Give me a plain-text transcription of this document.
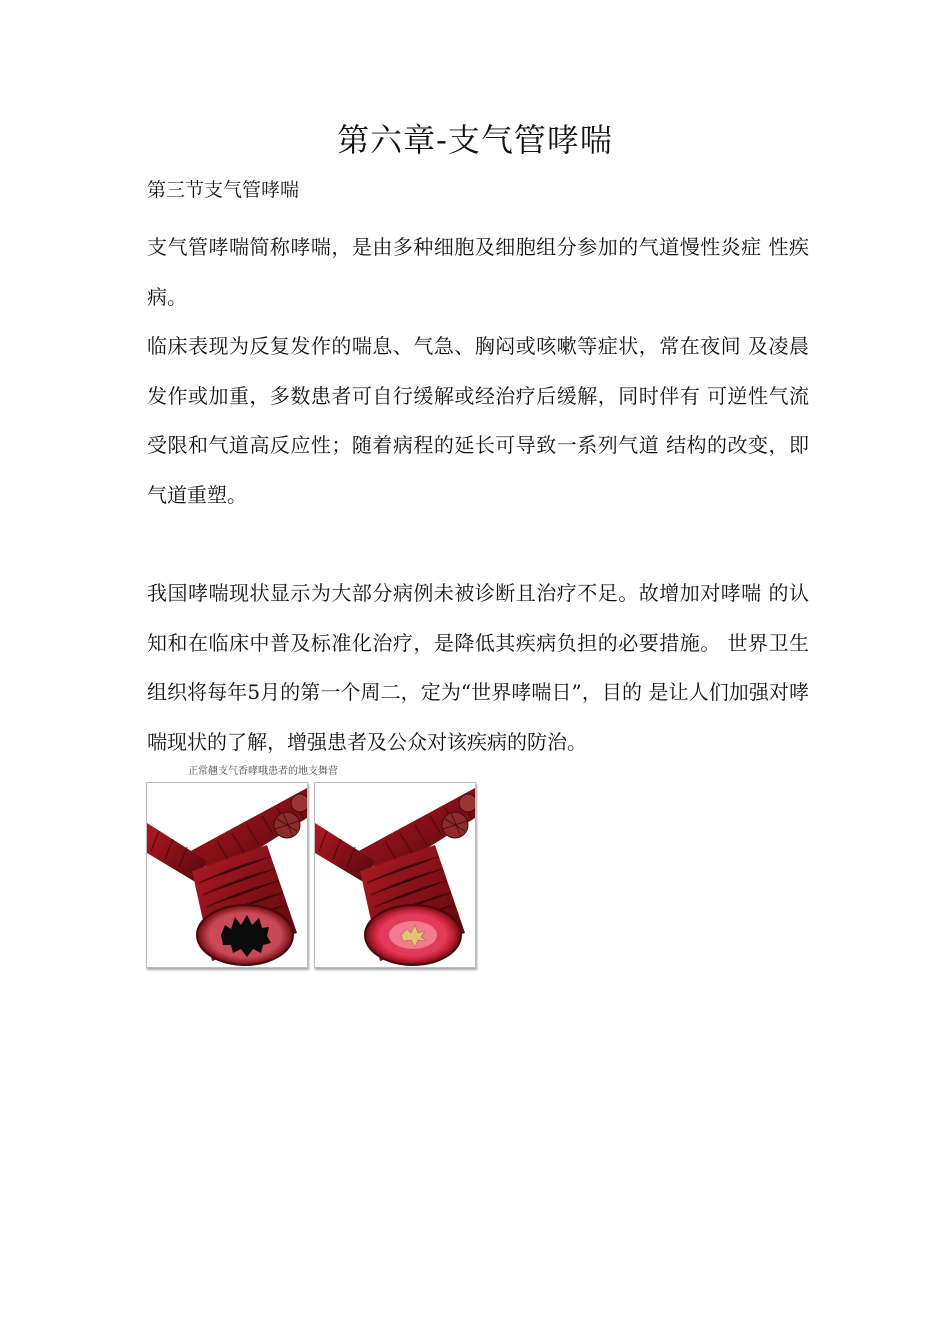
第六章-支气管哮喘

第三节支气管哮喘

支气管哮喘简称哮喘，是由多种细胞及细胞组分参加的气道慢性炎症 性疾病。

临床表现为反复发作的喘息、气急、胸闷或咳嗽等症状，常在夜间 及凌晨发作或加重，多数患者可自行缓解或经治疗后缓解，同时伴有 可逆性气流受限和气道高反应性；随着病程的延长可导致一系列气道 结构的改变，即气道重塑。

我国哮喘现状显示为大部分病例未被诊断且治疗不足。故增加对哮喘 的认知和在临床中普及标准化治疗，是降低其疾病负担的必要措施。 世界卫生组织将每年5月的第一个周二，定为“世界哮喘日”，目的 是让人们加强对哮喘现状的了解，增强患者及公众对该疾病的防治。

正常翹支气香哮哦患者的地支舞营
